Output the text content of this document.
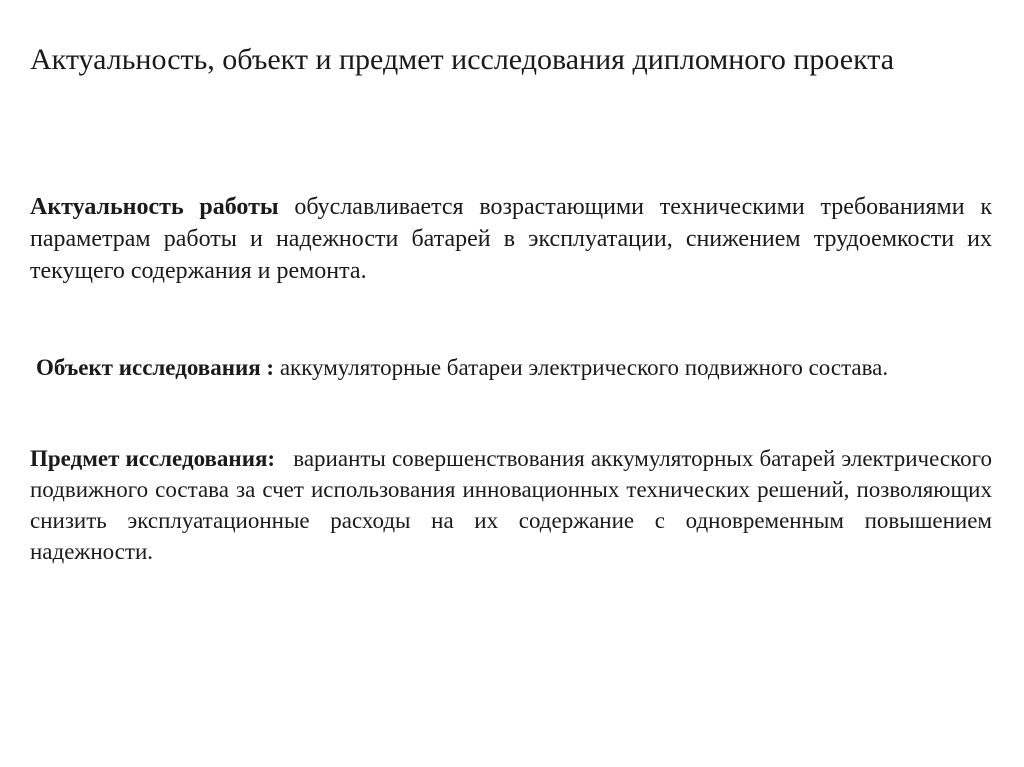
Актуальность, объект и предмет исследования дипломного проекта

Актуальность работы обуславливается возрастающими техническими требованиями к параметрам работы и надежности батарей в эксплуатации, снижением трудоемкости их текущего содержания и ремонта.

Объект исследования : аккумуляторные батареи электрического подвижного состава.

Предмет исследования:   варианты совершенствования аккумуляторных батарей электрического подвижного состава за счет использования инновационных технических решений, позволяющих снизить эксплуатационные расходы на их содержание с одновременным повышением надежности.
